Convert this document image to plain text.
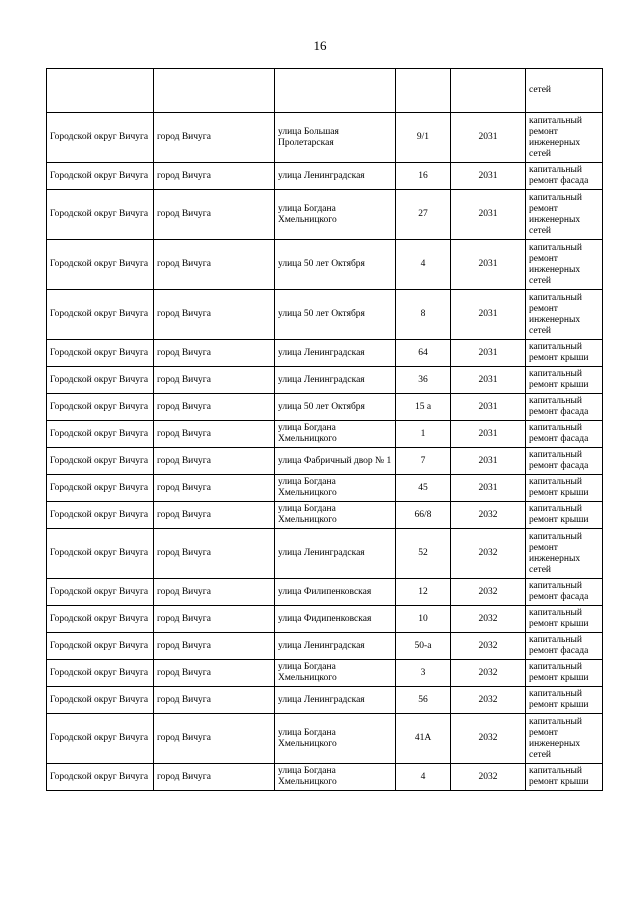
16
					сетей
Городской округ Вичуга	город Вичуга	улица Большая Пролетарская	9/1	2031	капитальный ремонт инженерных сетей
Городской округ Вичуга	город Вичуга	улица Ленинградская	16	2031	капитальный ремонт фасада
Городской округ Вичуга	город Вичуга	улица Богдана Хмельницкого	27	2031	капитальный ремонт инженерных сетей
Городской округ Вичуга	город Вичуга	улица 50 лет Октября	4	2031	капитальный ремонт инженерных сетей
Городской округ Вичуга	город Вичуга	улица 50 лет Октября	8	2031	капитальный ремонт инженерных сетей
Городской округ Вичуга	город Вичуга	улица Ленинградская	64	2031	капитальный ремонт крыши
Городской округ Вичуга	город Вичуга	улица Ленинградская	36	2031	капитальный ремонт крыши
Городской округ Вичуга	город Вичуга	улица 50 лет Октября	15 а	2031	капитальный ремонт фасада
Городской округ Вичуга	город Вичуга	улица Богдана Хмельницкого	1	2031	капитальный ремонт фасада
Городской округ Вичуга	город Вичуга	улица Фабричный двор № 1	7	2031	капитальный ремонт фасада
Городской округ Вичуга	город Вичуга	улица Богдана Хмельницкого	45	2031	капитальный ремонт крыши
Городской округ Вичуга	город Вичуга	улица Богдана Хмельницкого	66/8	2032	капитальный ремонт крыши
Городской округ Вичуга	город Вичуга	улица Ленинградская	52	2032	капитальный ремонт инженерных сетей
Городской округ Вичуга	город Вичуга	улица Филипенковская	12	2032	капитальный ремонт фасада
Городской округ Вичуга	город Вичуга	улица Фидипенковская	10	2032	капитальный ремонт крыши
Городской округ Вичуга	город Вичуга	улица Ленинградская	50-а	2032	капитальный ремонт фасада
Городской округ Вичуга	город Вичуга	улица Богдана Хмельницкого	3	2032	капитальный ремонт крыши
Городской округ Вичуга	город Вичуга	улица Ленинградская	56	2032	капитальный ремонт крыши
Городской округ Вичуга	город Вичуга	улица Богдана Хмельницкого	41А	2032	капитальный ремонт инженерных сетей
Городской округ Вичуга	город Вичуга	улица Богдана Хмельницкого	4	2032	капитальный ремонт крыши
